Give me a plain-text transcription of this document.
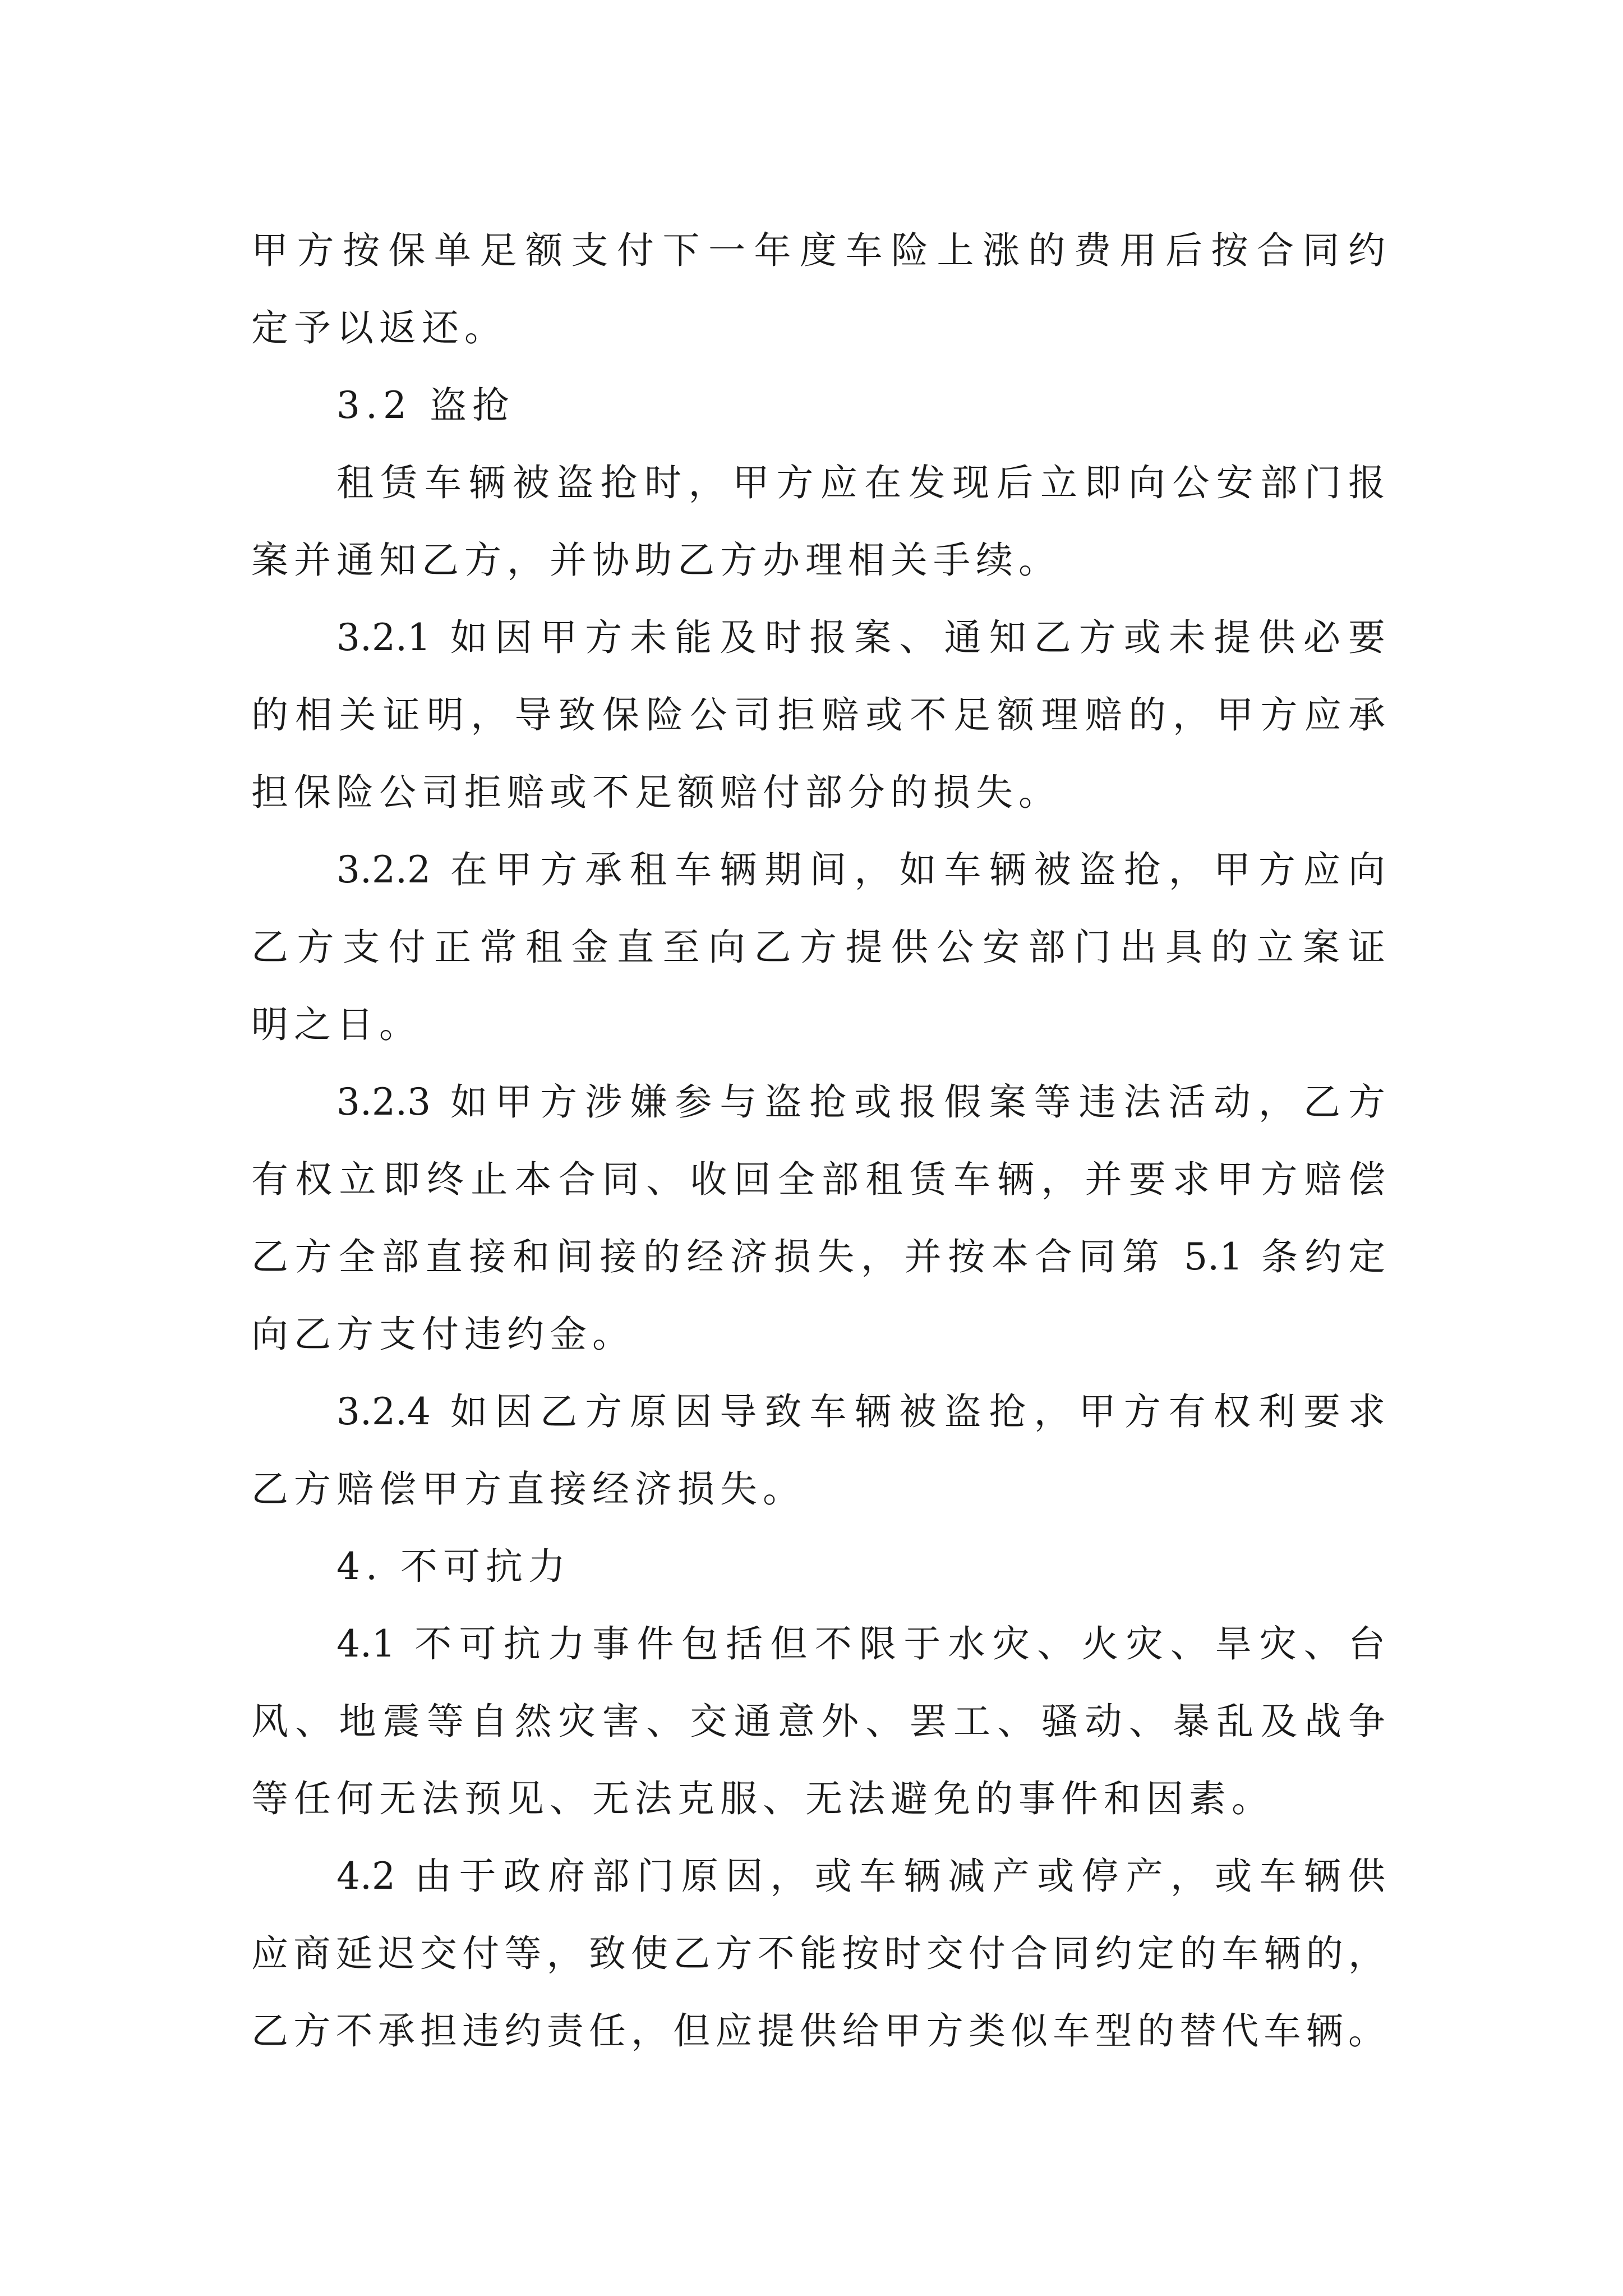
甲方按保单足额支付下一年度车险上涨的费用后按合同约
定予以返还。
3.2 盗抢
租赁车辆被盗抢时，甲方应在发现后立即向公安部门报
案并通知乙方，并协助乙方办理相关手续。
3.2.1 如因甲方未能及时报案、通知乙方或未提供必要
的相关证明，导致保险公司拒赔或不足额理赔的，甲方应承
担保险公司拒赔或不足额赔付部分的损失。
3.2.2 在甲方承租车辆期间，如车辆被盗抢，甲方应向
乙方支付正常租金直至向乙方提供公安部门出具的立案证
明之日。
3.2.3 如甲方涉嫌参与盗抢或报假案等违法活动，乙方
有权立即终止本合同、收回全部租赁车辆，并要求甲方赔偿
乙方全部直接和间接的经济损失，并按本合同第 5.1 条约定
向乙方支付违约金。
3.2.4 如因乙方原因导致车辆被盗抢，甲方有权利要求
乙方赔偿甲方直接经济损失。
4. 不可抗力
4.1 不可抗力事件包括但不限于水灾、火灾、旱灾、台
风、地震等自然灾害、交通意外、罢工、骚动、暴乱及战争
等任何无法预见、无法克服、无法避免的事件和因素。
4.2 由于政府部门原因，或车辆减产或停产，或车辆供
应商延迟交付等，致使乙方不能按时交付合同约定的车辆的，
乙方不承担违约责任，但应提供给甲方类似车型的替代车辆。
